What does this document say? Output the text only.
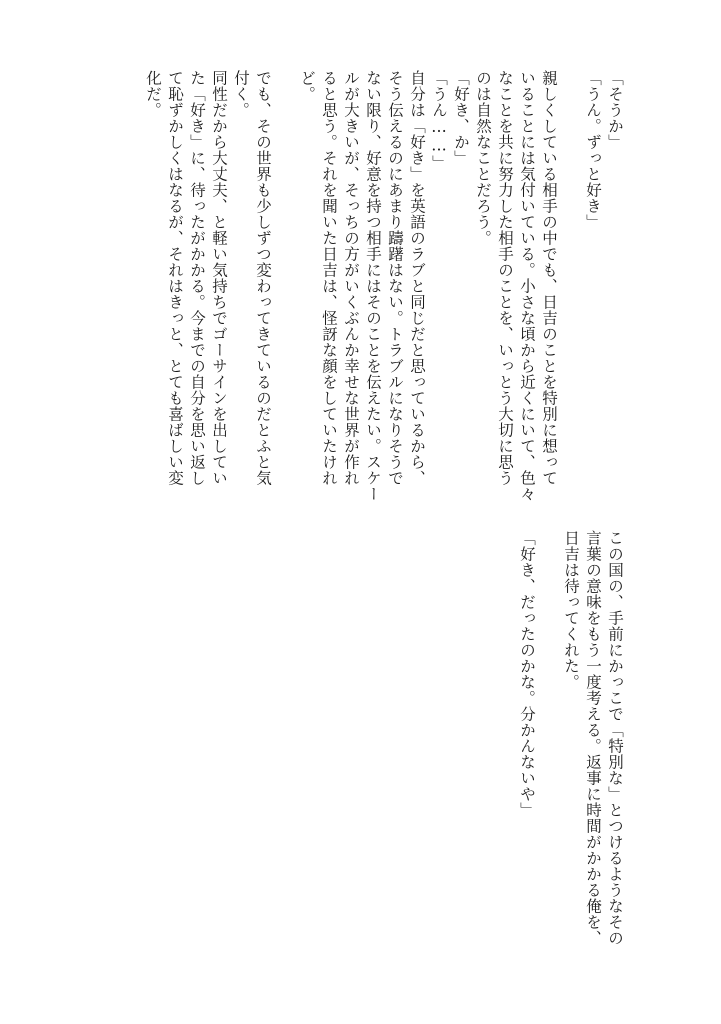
「そうか」
「うん。ずっと好き」
親しくしている相手の中でも、日吉のことを特別に想って
いることには気付いている。小さな頃から近くにいて、色々
なことを共に努力した相手のことを、いっとう大切に思う
のは自然なことだろう。
「好き、か」
「うん……」
自分は「好き」を英語のラブと同じだと思っているから、
そう伝えるのにあまり躊躇はない。トラブルになりそうで
ない限り、好意を持つ相手にはそのことを伝えたい。スケー
ルが大きいが、そっちの方がいくぶんか幸せな世界が作れ
ると思う。それを聞いた日吉は、怪訝な顔をしていたけれ
ど。
でも、その世界も少しずつ変わってきているのだとふと気
付く。
同性だから大丈夫、と軽い気持ちでゴーサインを出してい
た「好き」に、待ったがかかる。今までの自分を思い返し
て恥ずかしくはなるが、それはきっと、とても喜ばしい変
化だ。
この国の、手前にかっこで「特別な」とつけるようなその
言葉の意味をもう一度考える。返事に時間がかかる俺を、
日吉は待ってくれた。
「好き、だったのかな。分かんないや」
